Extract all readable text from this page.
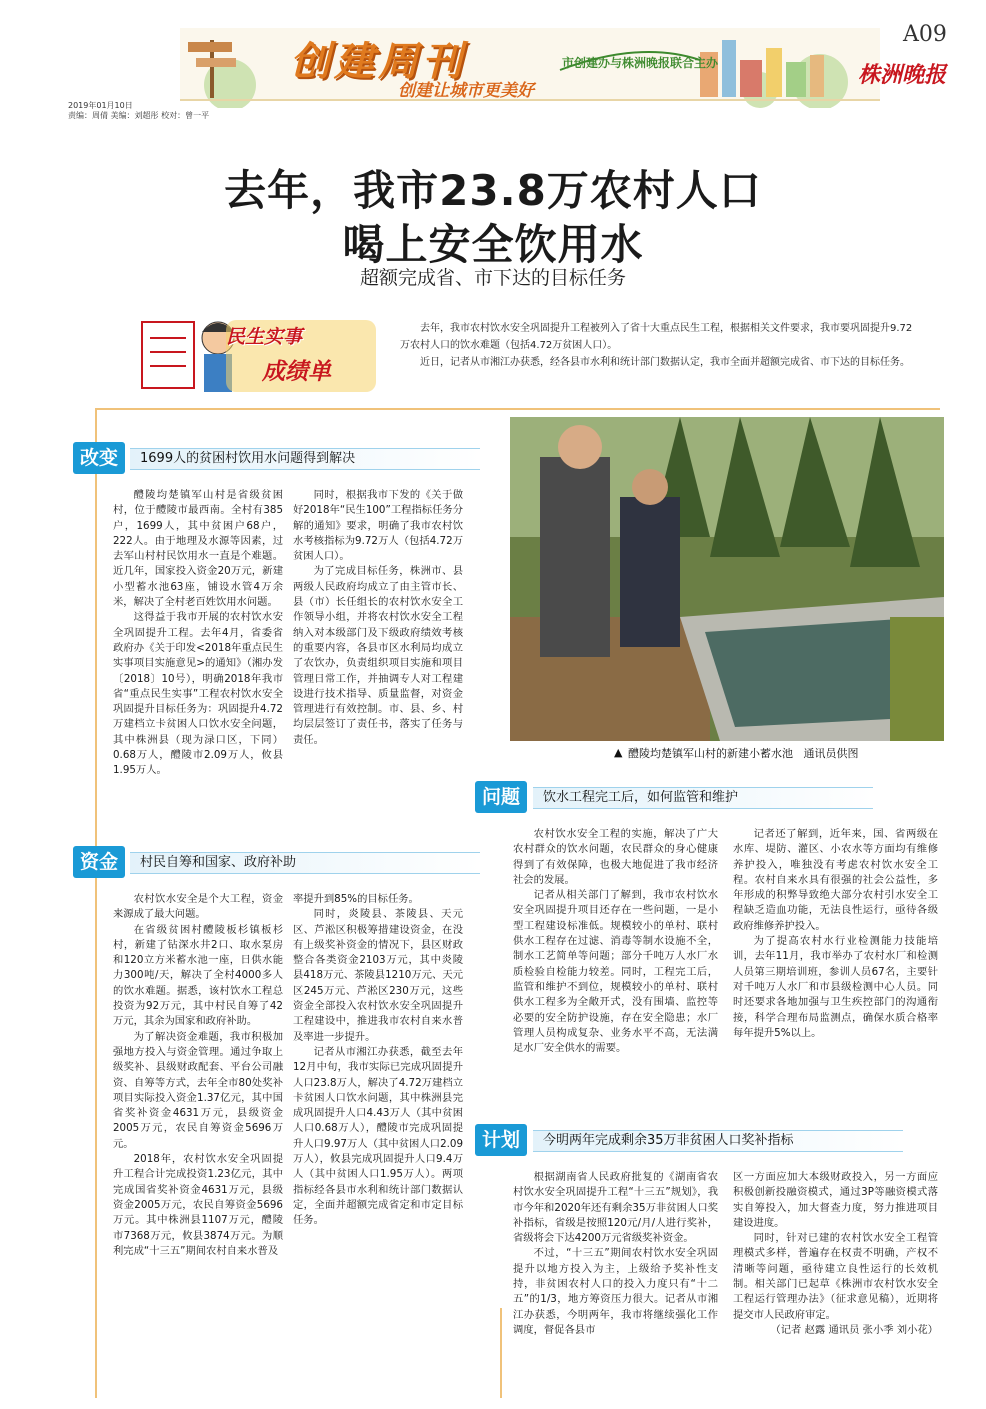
创建周刊
创建让城市更美好
市创建办与株洲晚报联合主办
A09
株洲晚报
2019年01月10日
责编：周倩 美编：刘超彤 校对：曾一平
去年，我市23.8万农村人口
喝上安全饮用水
超额完成省、市下达的目标任务
民生实事
成绩单

去年，我市农村饮水安全巩固提升工程被列入了省十大重点民生工程，根据相关文件要求，我市要巩固提升9.72万农村人口的饮水难题（包括4.72万贫困人口）。

近日，记者从市湘江办获悉，经各县市水利和统计部门数据认定，我市全面并超额完成省、市下达的目标任务。

改变	1699人的贫困村饮用水问题得到解决

醴陵均楚镇军山村是省级贫困村，位于醴陵市最西南。全村有385户，1699人，其中贫困户68户，222人。由于地理及水源等因素，过去军山村村民饮用水一直是个难题。近几年，国家投入资金20万元，新建小型蓄水池63座，铺设水管4万余米，解决了全村老百姓饮用水问题。

这得益于我市开展的农村饮水安全巩固提升工程。去年4月，省委省政府办《关于印发<2018年重点民生实事项目实施意见>的通知》（湘办发〔2018〕10号），明确2018年我市省“重点民生实事”工程农村饮水安全巩固提升目标任务为：巩固提升4.72万建档立卡贫困人口饮水安全问题，其中株洲县（现为渌口区，下同）0.68万人，醴陵市2.09万人，攸县1.95万人。

同时，根据我市下发的《关于做好2018年“民生100”工程指标任务分解的通知》要求，明确了我市农村饮水考核指标为9.72万人（包括4.72万贫困人口）。

为了完成目标任务，株洲市、县两级人民政府均成立了由主管市长、县（市）长任组长的农村饮水安全工作领导小组，并将农村饮水安全工程纳入对本级部门及下级政府绩效考核的重要内容，各县市区水利局均成立了农饮办，负责组织项目实施和项目管理日常工作，并抽调专人对工程建设进行技术指导、质量监督，对资金管理进行有效控制。市、县、乡、村均层层签订了责任书，落实了任务与责任。

▲ 醴陵均楚镇军山村的新建小蓄水池 通讯员供图
问题	饮水工程完工后，如何监管和维护

农村饮水安全工程的实施，解决了广大农村群众的饮水问题，农民群众的身心健康得到了有效保障，也极大地促进了我市经济社会的发展。

记者从相关部门了解到，我市农村饮水安全巩固提升项目还存在一些问题，一是小型工程建设标准低。规模较小的单村、联村供水工程存在过滤、消毒等制水设施不全，制水工艺简单等问题；部分千吨万人水厂水质检验自检能力较差。同时，工程完工后，监管和维护不到位，规模较小的单村、联村供水工程多为全敞开式，没有围墙、监控等必要的安全防护设施，存在安全隐患；水厂管理人员构成复杂、业务水平不高，无法满足水厂安全供水的需要。

记者还了解到，近年来，国、省两级在水库、堤防、灌区、小农水等方面均有维修养护投入，唯独没有考虑农村饮水安全工程。农村自来水具有很强的社会公益性，多年形成的积弊导致绝大部分农村引水安全工程缺乏造血功能，无法良性运行，亟待各级政府维修养护投入。

为了提高农村水行业检测能力技能培训，去年11月，我市举办了农村水厂和检测人员第三期培训班，参训人员67名，主要针对千吨万人水厂和市县级检测中心人员。同时还要求各地加强与卫生疾控部门的沟通衔接，科学合理布局监测点，确保水质合格率每年提升5%以上。

资金	村民自筹和国家、政府补助

农村饮水安全是个大工程，资金来源成了最大问题。

在省级贫困村醴陵板杉镇板杉村，新建了钻深水井2口、取水泵房和120立方米蓄水池一座，日供水能力300吨/天，解决了全村4000多人的饮水难题。据悉，该村饮水工程总投资为92万元，其中村民自筹了42万元，其余为国家和政府补助。

为了解决资金难题，我市积极加强地方投入与资金管理。通过争取上级奖补、县级财政配套、平台公司融资、自筹等方式，去年全市80处奖补项目实际投入资金1.37亿元，其中国省奖补资金4631万元，县级资金2005万元，农民自筹资金5696万元。

2018年，农村饮水安全巩固提升工程合计完成投资1.23亿元，其中完成国省奖补资金4631万元，县级资金2005万元，农民自筹资金5696万元。其中株洲县1107万元，醴陵市7368万元，攸县3874万元。为顺利完成“十三五”期间农村自来水普及

率提升到85%的目标任务。

同时，炎陵县、茶陵县、天元区、芦淞区积极筹措建设资金，在没有上级奖补资金的情况下，县区财政整合各类资金2103万元，其中炎陵县418万元、茶陵县1210万元、天元区245万元、芦淞区230万元，这些资金全部投入农村饮水安全巩固提升工程建设中，推进我市农村自来水普及率进一步提升。

记者从市湘江办获悉，截至去年12月中旬，我市实际已完成巩固提升人口23.8万人，解决了4.72万建档立卡贫困人口饮水问题，其中株洲县完成巩固提升人口4.43万人（其中贫困人口0.68万人），醴陵市完成巩固提升人口9.97万人（其中贫困人口2.09万人），攸县完成巩固提升人口9.4万人（其中贫困人口1.95万人）。两项指标经各县市水利和统计部门数据认定，全面并超额完成省定和市定目标任务。

计划	今明两年完成剩余35万非贫困人口奖补指标

根据湖南省人民政府批复的《湖南省农村饮水安全巩固提升工程“十三五”规划》，我市今年和2020年还有剩余35万非贫困人口奖补指标，省级是按照120元/月/人进行奖补，省级将会下达4200万元省级奖补资金。

不过，“十三五”期间农村饮水安全巩固提升以地方投入为主，上级给予奖补性支持，非贫困农村人口的投入力度只有“十二五”的1/3，地方筹资压力很大。记者从市湘江办获悉，今明两年，我市将继续强化工作调度，督促各县市

区一方面应加大本级财政投入，另一方面应积极创新投融资模式，通过3P等融资模式落实自筹投入，加大督查力度，努力推进项目建设进度。

同时，针对已建的农村饮水安全工程管理模式多样，普遍存在权责不明确，产权不清晰等问题，亟待建立良性运行的长效机制。相关部门已起草《株洲市农村饮水安全工程运行管理办法》（征求意见稿），近期将提交市人民政府审定。

（记者 赵露 通讯员 张小季 刘小花）
